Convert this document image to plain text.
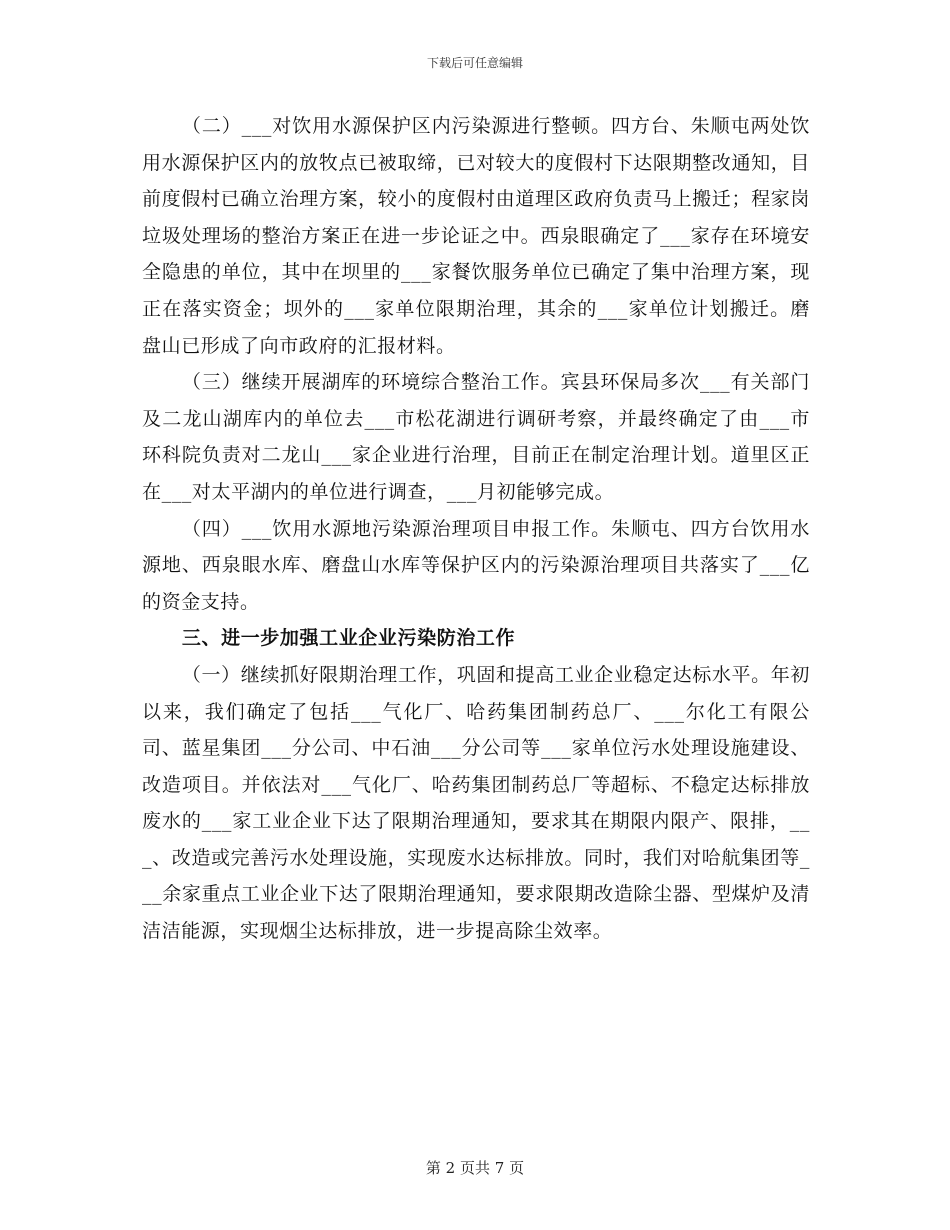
下载后可任意编辑

（二）___对饮用水源保护区内污染源进行整顿。四方台、朱顺屯两处饮用水源保护区内的放牧点已被取缔，已对较大的度假村下达限期整改通知，目前度假村已确立治理方案，较小的度假村由道理区政府负责马上搬迁；程家岗垃圾处理场的整治方案正在进一步论证之中。西泉眼确定了___家存在环境安全隐患的单位，其中在坝里的___家餐饮服务单位已确定了集中治理方案，现正在落实资金；坝外的___家单位限期治理，其余的___家单位计划搬迁。磨盘山已形成了向市政府的汇报材料。

（三）继续开展湖库的环境综合整治工作。宾县环保局多次___有关部门及二龙山湖库内的单位去___市松花湖进行调研考察，并最终确定了由___市环科院负责对二龙山___家企业进行治理，目前正在制定治理计划。道里区正在___对太平湖内的单位进行调查，___月初能够完成。

（四）___饮用水源地污染源治理项目申报工作。朱顺屯、四方台饮用水源地、西泉眼水库、磨盘山水库等保护区内的污染源治理项目共落实了___亿的资金支持。

三、进一步加强工业企业污染防治工作

（一）继续抓好限期治理工作，巩固和提高工业企业稳定达标水平。年初以来，我们确定了包括___气化厂、哈药集团制药总厂、___尔化工有限公司、蓝星集团___分公司、中石油___分公司等___家单位污水处理设施建设、改造项目。并依法对___气化厂、哈药集团制药总厂等超标、不稳定达标排放废水的___家工业企业下达了限期治理通知，要求其在期限内限产、限排，___、改造或完善污水处理设施，实现废水达标排放。同时，我们对哈航集团等___余家重点工业企业下达了限期治理通知，要求限期改造除尘器、型煤炉及清洁洁能源，实现烟尘达标排放，进一步提高除尘效率。

第 2 页共 7 页
